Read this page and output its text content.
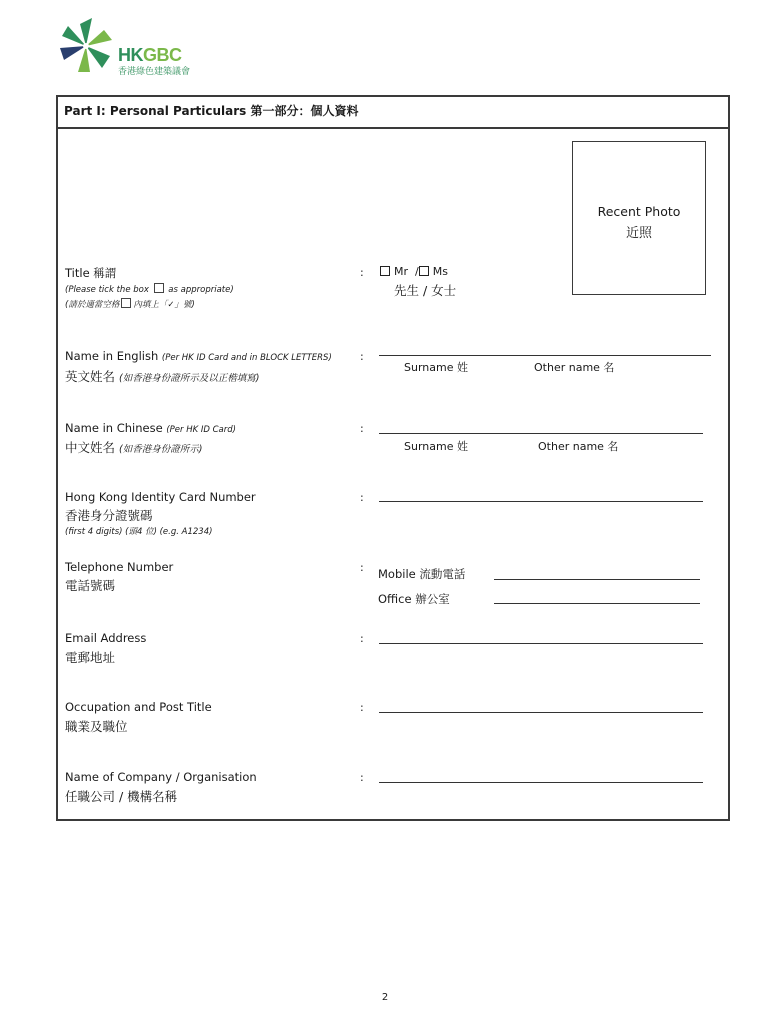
HKGBC
香港綠色建築議會
Part I: Personal Particulars 第一部分：個人資料
Recent Photo
近照
Title 稱謂
(Please tick the box as appropriate)
(請於適當空格 內填上「✓」號)
:	Mr / Ms
先生 / 女士
Name in English (Per HK ID Card and in BLOCK LETTERS)
英文姓名 (如香港身份證所示及以正楷填寫)
:
Surname 姓	Other name 名
Name in Chinese (Per HK ID Card)
中文姓名 (如香港身份證所示)
:
Surname 姓	Other name 名
Hong Kong Identity Card Number
香港身分證號碼
(first 4 digits) (頭4 位) (e.g. A1234)
:
Telephone Number
電話號碼
: Mobile 流動電話
Office 辦公室
Email Address
電郵地址
:
Occupation and Post Title
職業及職位
:
Name of Company / Organisation
任職公司 / 機構名稱
:
2
